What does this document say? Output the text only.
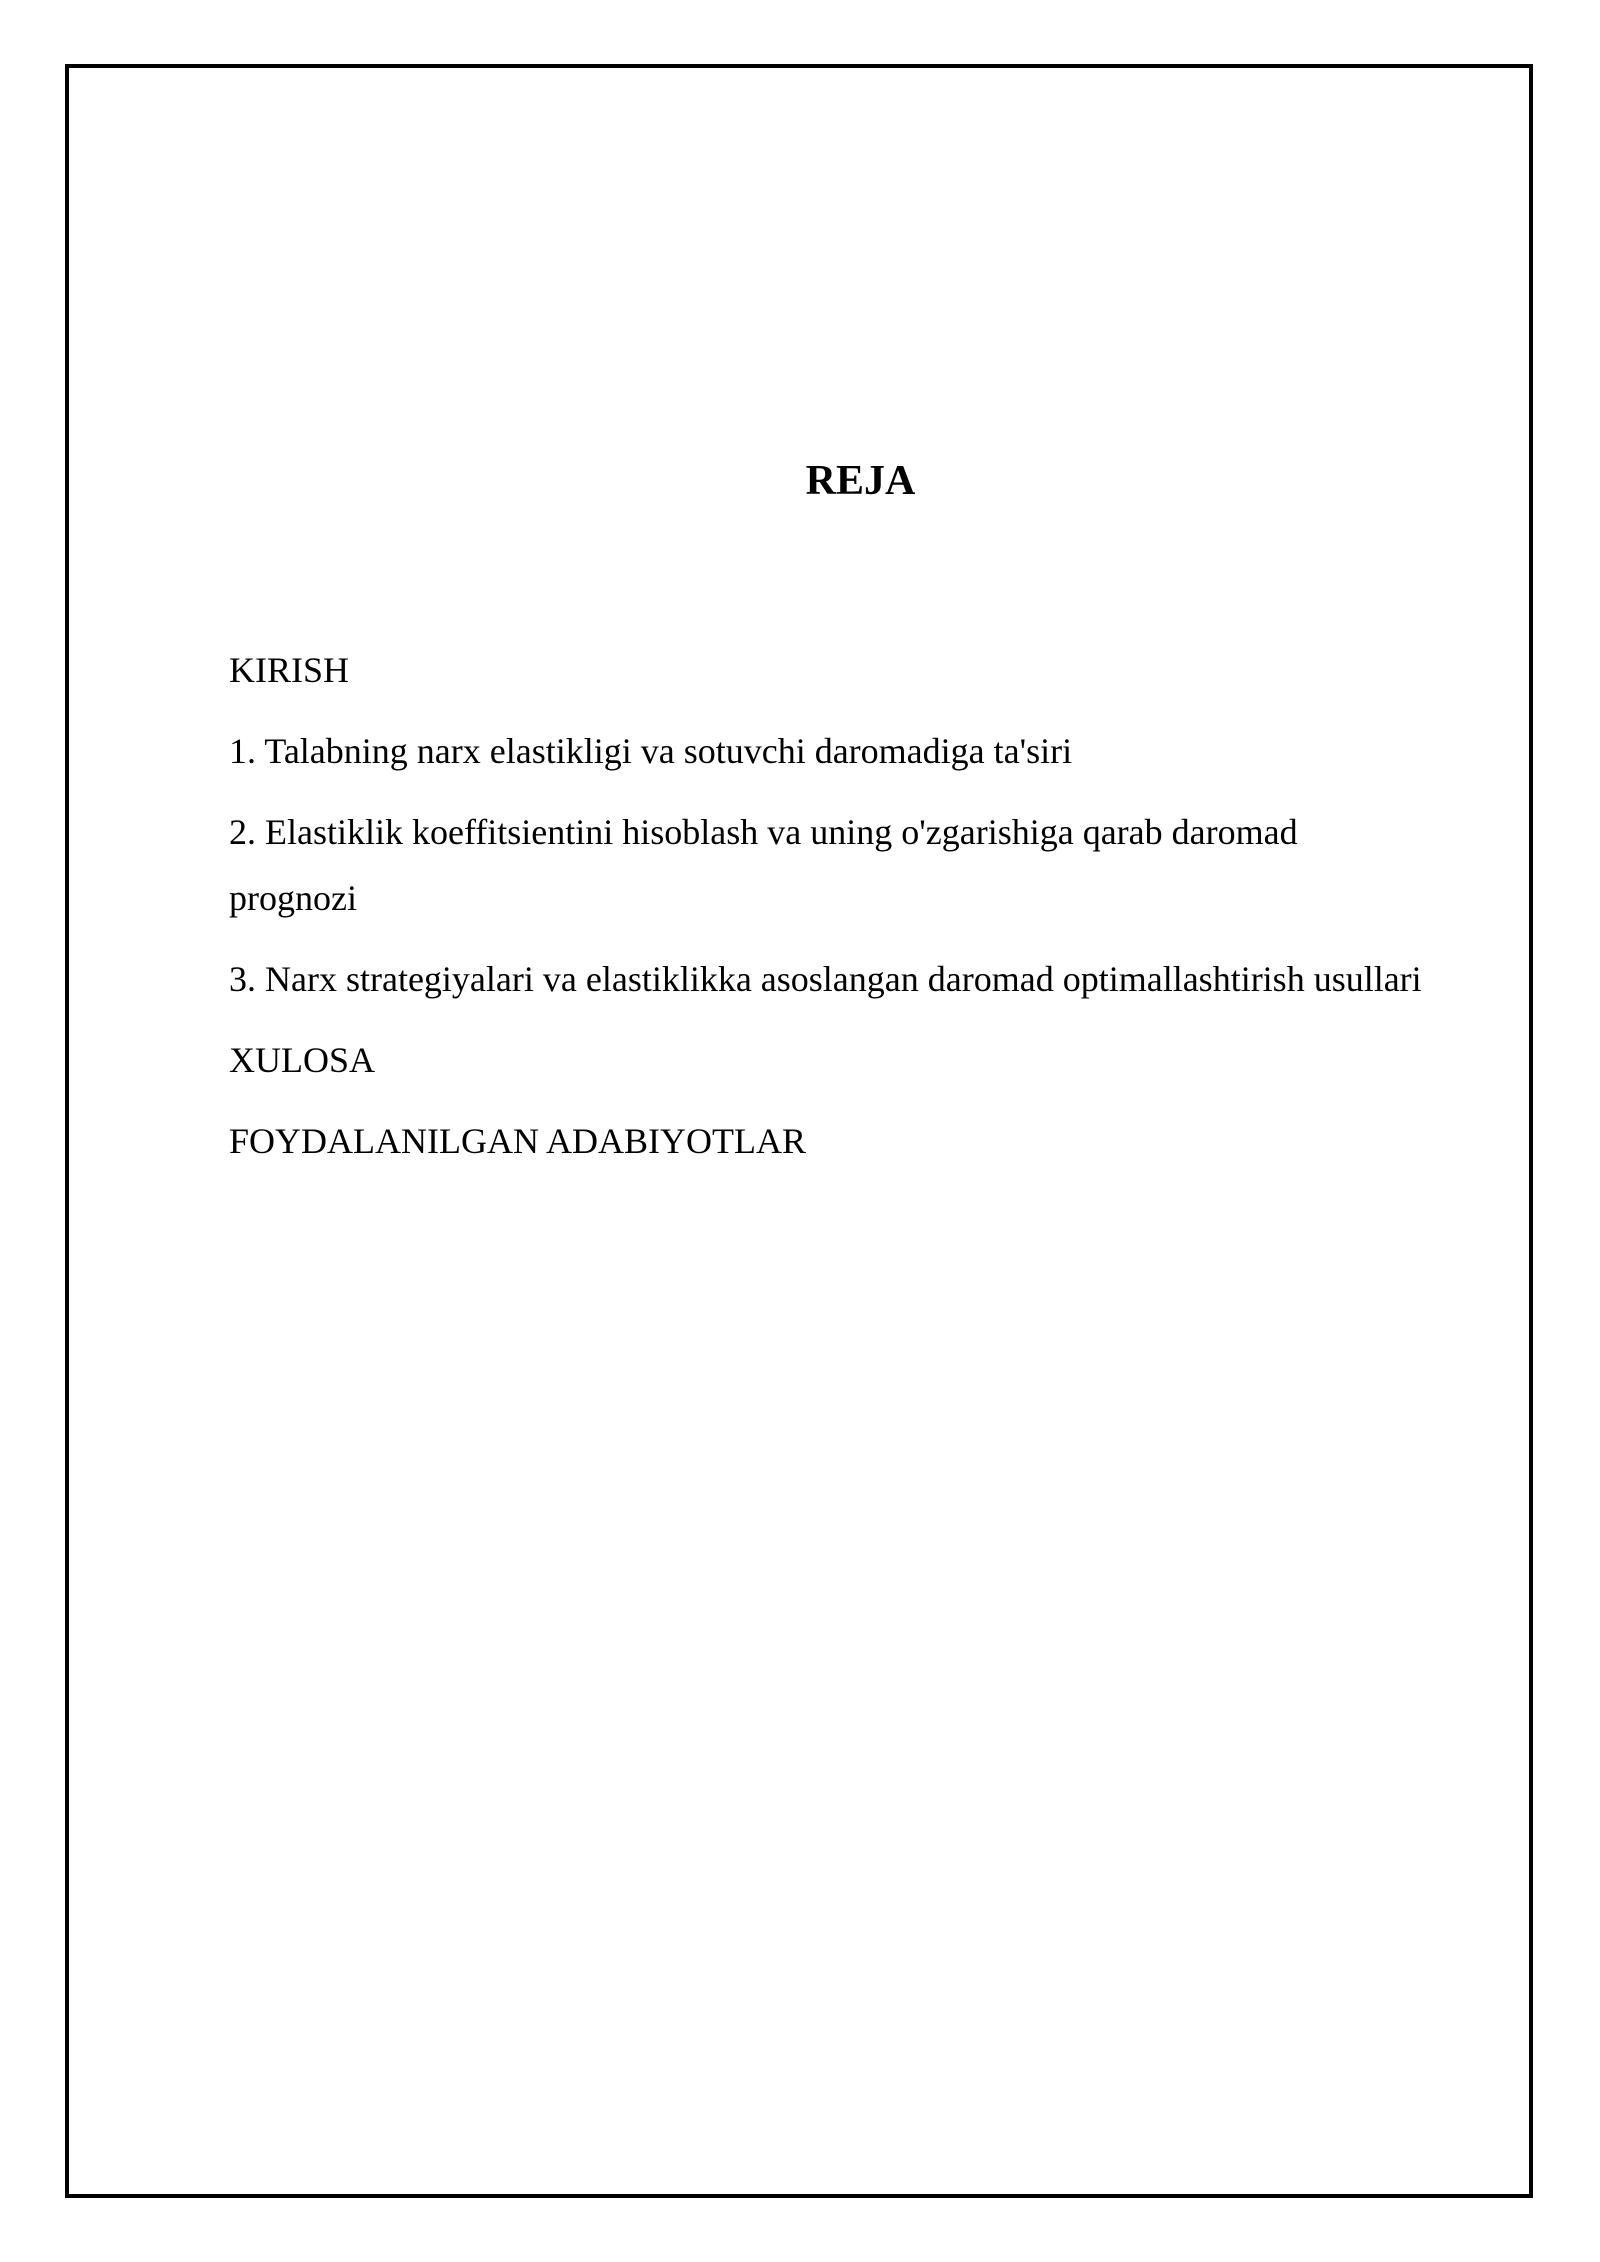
REJA
KIRISH
1. Talabning narx elastikligi va sotuvchi daromadiga ta'siri
2. Elastiklik koeffitsientini hisoblash va uning o'zgarishiga qarab daromad prognozi
3. Narx strategiyalari va elastiklikka asoslangan daromad optimallashtirish usullari
XULOSA
FOYDALANILGAN ADABIYOTLAR
